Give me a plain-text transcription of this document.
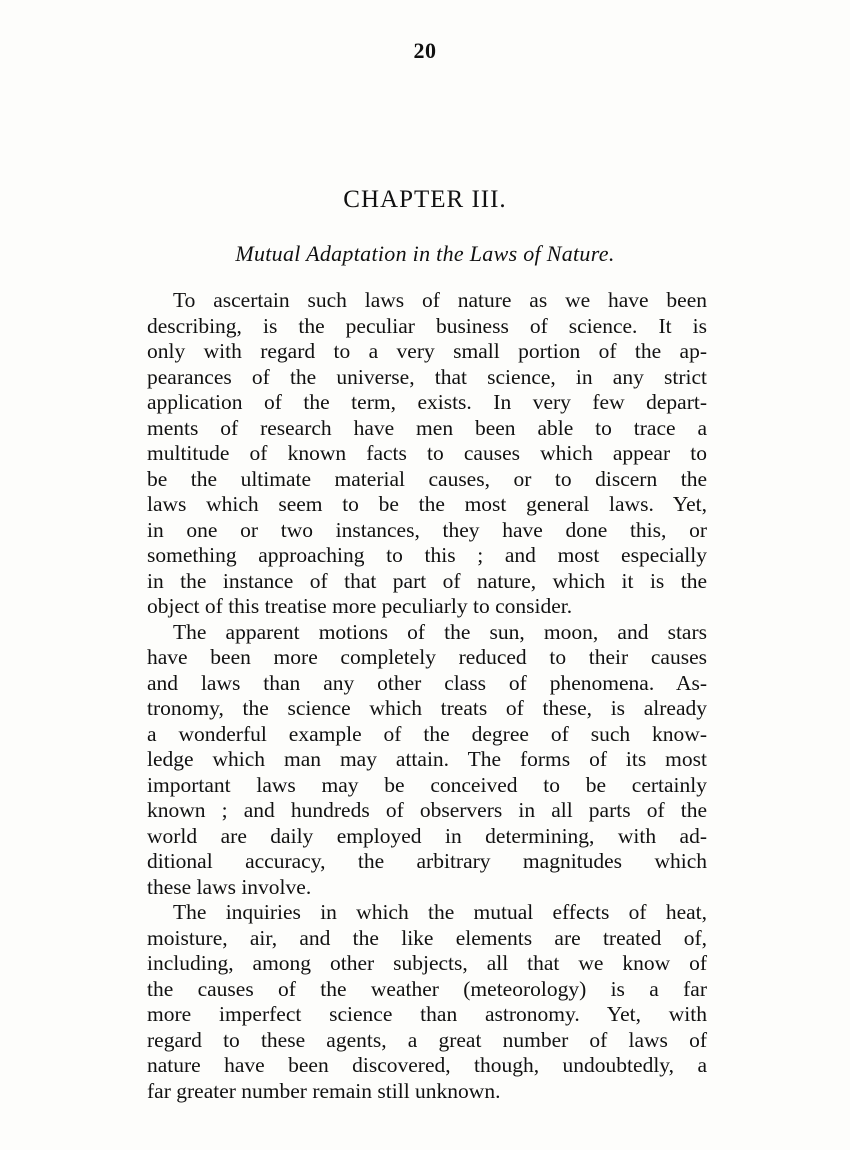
20
CHAPTER III.
Mutual Adaptation in the Laws of Nature.
To ascertain such laws of nature as we have been
describing, is the peculiar business of science. It is
only with regard to a very small portion of the ap-
pearances of the universe, that science, in any strict
application of the term, exists. In very few depart-
ments of research have men been able to trace a
multitude of known facts to causes which appear to
be the ultimate material causes, or to discern the
laws which seem to be the most general laws. Yet,
in one or two instances, they have done this, or
something approaching to this ; and most especially
in the instance of that part of nature, which it is the
object of this treatise more peculiarly to consider.
The apparent motions of the sun, moon, and stars
have been more completely reduced to their causes
and laws than any other class of phenomena. As-
tronomy, the science which treats of these, is already
a wonderful example of the degree of such know-
ledge which man may attain. The forms of its most
important laws may be conceived to be certainly
known ; and hundreds of observers in all parts of the
world are daily employed in determining, with ad-
ditional accuracy, the arbitrary magnitudes which
these laws involve.
The inquiries in which the mutual effects of heat,
moisture, air, and the like elements are treated of,
including, among other subjects, all that we know of
the causes of the weather (meteorology) is a far
more imperfect science than astronomy. Yet, with
regard to these agents, a great number of laws of
nature have been discovered, though, undoubtedly, a
far greater number remain still unknown.
